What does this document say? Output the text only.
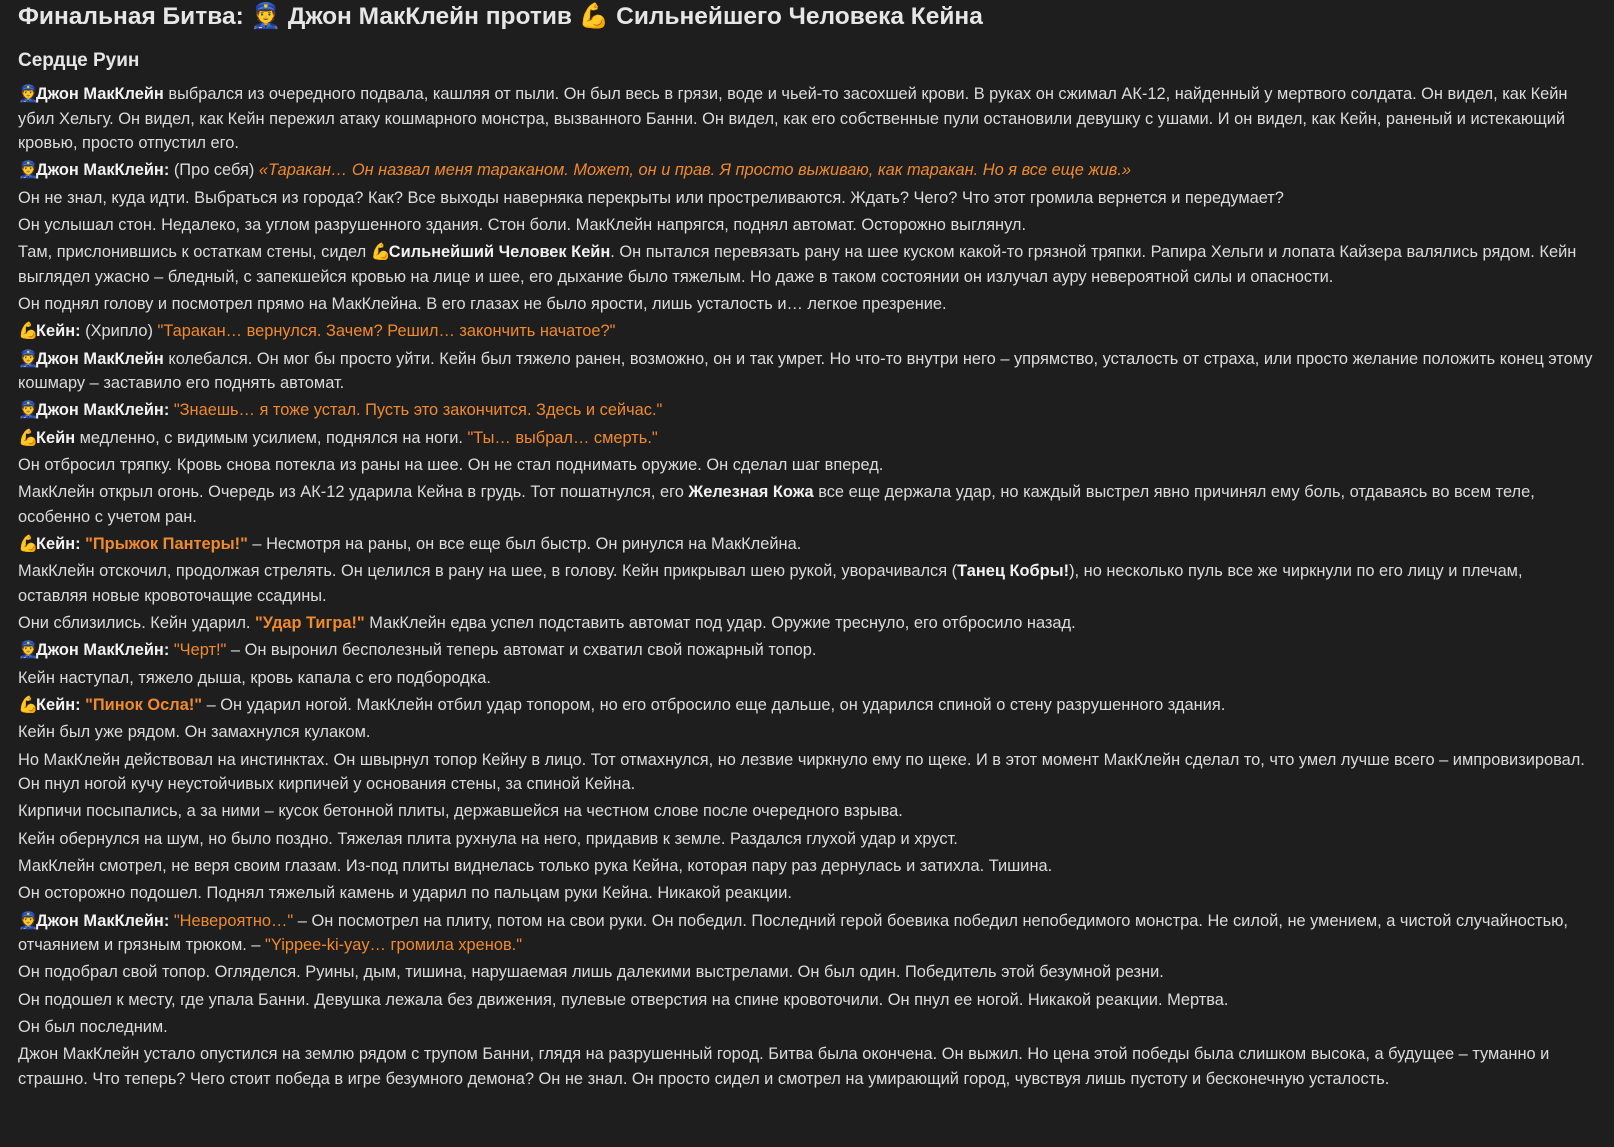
Финальная Битва: 👮 Джон МакКлейн против 💪 Сильнейшего Человека Кейна
Сердце Руин

👮Джон МакКлейн выбрался из очередного подвала, кашляя от пыли. Он был весь в грязи, воде и чьей-то засохшей крови. В руках он сжимал АК-12, найденный у мертвого солдата. Он видел, как Кейн убил Хельгу. Он видел, как Кейн пережил атаку кошмарного монстра, вызванного Банни. Он видел, как его собственные пули остановили девушку с ушами. И он видел, как Кейн, раненый и истекающий кровью, просто отпустил его.

👮Джон МакКлейн: (Про себя) «Таракан… Он назвал меня тараканом. Может, он и прав. Я просто выживаю, как таракан. Но я все еще жив.»

Он не знал, куда идти. Выбраться из города? Как? Все выходы наверняка перекрыты или простреливаются. Ждать? Чего? Что этот громила вернется и передумает?

Он услышал стон. Недалеко, за углом разрушенного здания. Стон боли. МакКлейн напрягся, поднял автомат. Осторожно выглянул.

Там, прислонившись к остаткам стены, сидел 💪Сильнейший Человек Кейн. Он пытался перевязать рану на шее куском какой-то грязной тряпки. Рапира Хельги и лопата Кайзера валялись рядом. Кейн выглядел ужасно – бледный, с запекшейся кровью на лице и шее, его дыхание было тяжелым. Но даже в таком состоянии он излучал ауру невероятной силы и опасности.

Он поднял голову и посмотрел прямо на МакКлейна. В его глазах не было ярости, лишь усталость и… легкое презрение.

💪Кейн: (Хрипло) "Таракан… вернулся. Зачем? Решил… закончить начатое?"

👮Джон МакКлейн колебался. Он мог бы просто уйти. Кейн был тяжело ранен, возможно, он и так умрет. Но что-то внутри него – упрямство, усталость от страха, или просто желание положить конец этому кошмару – заставило его поднять автомат.

👮Джон МакКлейн: "Знаешь… я тоже устал. Пусть это закончится. Здесь и сейчас."

💪Кейн медленно, с видимым усилием, поднялся на ноги. "Ты… выбрал… смерть."

Он отбросил тряпку. Кровь снова потекла из раны на шее. Он не стал поднимать оружие. Он сделал шаг вперед.

МакКлейн открыл огонь. Очередь из АК-12 ударила Кейна в грудь. Тот пошатнулся, его Железная Кожа все еще держала удар, но каждый выстрел явно причинял ему боль, отдаваясь во всем теле, особенно с учетом ран.

💪Кейн: "Прыжок Пантеры!" – Несмотря на раны, он все еще был быстр. Он ринулся на МакКлейна.

МакКлейн отскочил, продолжая стрелять. Он целился в рану на шее, в голову. Кейн прикрывал шею рукой, уворачивался (Танец Кобры!), но несколько пуль все же чиркнули по его лицу и плечам, оставляя новые кровоточащие ссадины.

Они сблизились. Кейн ударил. "Удар Тигра!" МакКлейн едва успел подставить автомат под удар. Оружие треснуло, его отбросило назад.

👮Джон МакКлейн: "Черт!" – Он выронил бесполезный теперь автомат и схватил свой пожарный топор.

Кейн наступал, тяжело дыша, кровь капала с его подбородка.

💪Кейн: "Пинок Осла!" – Он ударил ногой. МакКлейн отбил удар топором, но его отбросило еще дальше, он ударился спиной о стену разрушенного здания.

Кейн был уже рядом. Он замахнулся кулаком.

Но МакКлейн действовал на инстинктах. Он швырнул топор Кейну в лицо. Тот отмахнулся, но лезвие чиркнуло ему по щеке. И в этот момент МакКлейн сделал то, что умел лучше всего – импровизировал. Он пнул ногой кучу неустойчивых кирпичей у основания стены, за спиной Кейна.

Кирпичи посыпались, а за ними – кусок бетонной плиты, державшейся на честном слове после очередного взрыва.

Кейн обернулся на шум, но было поздно. Тяжелая плита рухнула на него, придавив к земле. Раздался глухой удар и хруст.

МакКлейн смотрел, не веря своим глазам. Из-под плиты виднелась только рука Кейна, которая пару раз дернулась и затихла. Тишина.

Он осторожно подошел. Поднял тяжелый камень и ударил по пальцам руки Кейна. Никакой реакции.

👮Джон МакКлейн: "Невероятно…" – Он посмотрел на плиту, потом на свои руки. Он победил. Последний герой боевика победил непобедимого монстра. Не силой, не умением, а чистой случайностью, отчаянием и грязным трюком. – "Yippee-ki-yay… громила хренов."

Он подобрал свой топор. Огляделся. Руины, дым, тишина, нарушаемая лишь далекими выстрелами. Он был один. Победитель этой безумной резни.

Он подошел к месту, где упала Банни. Девушка лежала без движения, пулевые отверстия на спине кровоточили. Он пнул ее ногой. Никакой реакции. Мертва.

Он был последним.

Джон МакКлейн устало опустился на землю рядом с трупом Банни, глядя на разрушенный город. Битва была окончена. Он выжил. Но цена этой победы была слишком высока, а будущее – туманно и страшно. Что теперь? Чего стоит победа в игре безумного демона? Он не знал. Он просто сидел и смотрел на умирающий город, чувствуя лишь пустоту и бесконечную усталость.
